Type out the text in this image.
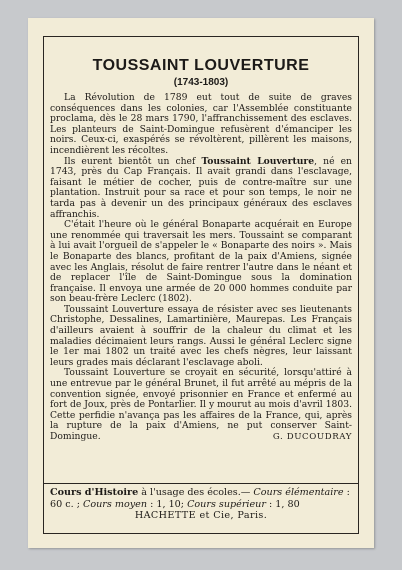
TOUSSAINT LOUVERTURE
(1743-1803)

La Révolution de 1789 eut tout de suite de graves conséquences dans les colonies, car l'Assemblée constituante proclama, dès le 28 mars 1790, l'affranchissement des esclaves. Les planteurs de Saint-Domingue refusèrent d'émanciper les noirs. Ceux-ci, exaspérés se révoltèrent, pillèrent les maisons, incendièrent les récoltes.

Ils eurent bientôt un chef Toussaint Louverture, né en 1743, près du Cap Français. Il avait grandi dans l'esclavage, faisant le métier de cocher, puis de contre-maître sur une plantation. Instruit pour sa race et pour son temps, le noir ne tarda pas à devenir un des principaux généraux des esclaves affranchis.

C'était l'heure où le général Bonaparte acquérait en Europe une renommée qui traversait les mers. Toussaint se comparant à lui avait l'orgueil de s'appeler le « Bonaparte des noirs ». Mais le Bonaparte des blancs, profitant de la paix d'Amiens, signée avec les Anglais, résolut de faire rentrer l'autre dans le néant et de replacer l'île de Saint-Domingue sous la domination française. Il envoya une armée de 20 000 hommes conduite par son beau-frère Leclerc (1802).

Toussaint Louverture essaya de résister avec ses lieutenants Christophe, Dessalines, Lamartinière, Maurepas. Les Français d'ailleurs avaient à souffrir de la chaleur du climat et les maladies décimaient leurs rangs. Aussi le général Leclerc signe le 1er mai 1802 un traité avec les chefs nègres, leur laissant leurs grades mais déclarant l'esclavage aboli.

Toussaint Louverture se croyait en sécurité, lorsqu'attiré à une entrevue par le général Brunet, il fut arrêté au mépris de la convention signée, envoyé prisonnier en France et enfermé au fort de Joux, près de Pontarlier. Il y mourut au mois d'avril 1803. Cette perfidie n'avança pas les affaires de la France, qui, après la rupture de la paix d'Amiens, ne put conserver Saint-Domingue.	G. DUCOUDRAY
Cours d'Histoire à l'usage des écoles.— Cours élémentaire : 60 c. ; Cours moyen : 1, 10; Cours supérieur : 1, 80
HACHETTE et Cie, Paris.
